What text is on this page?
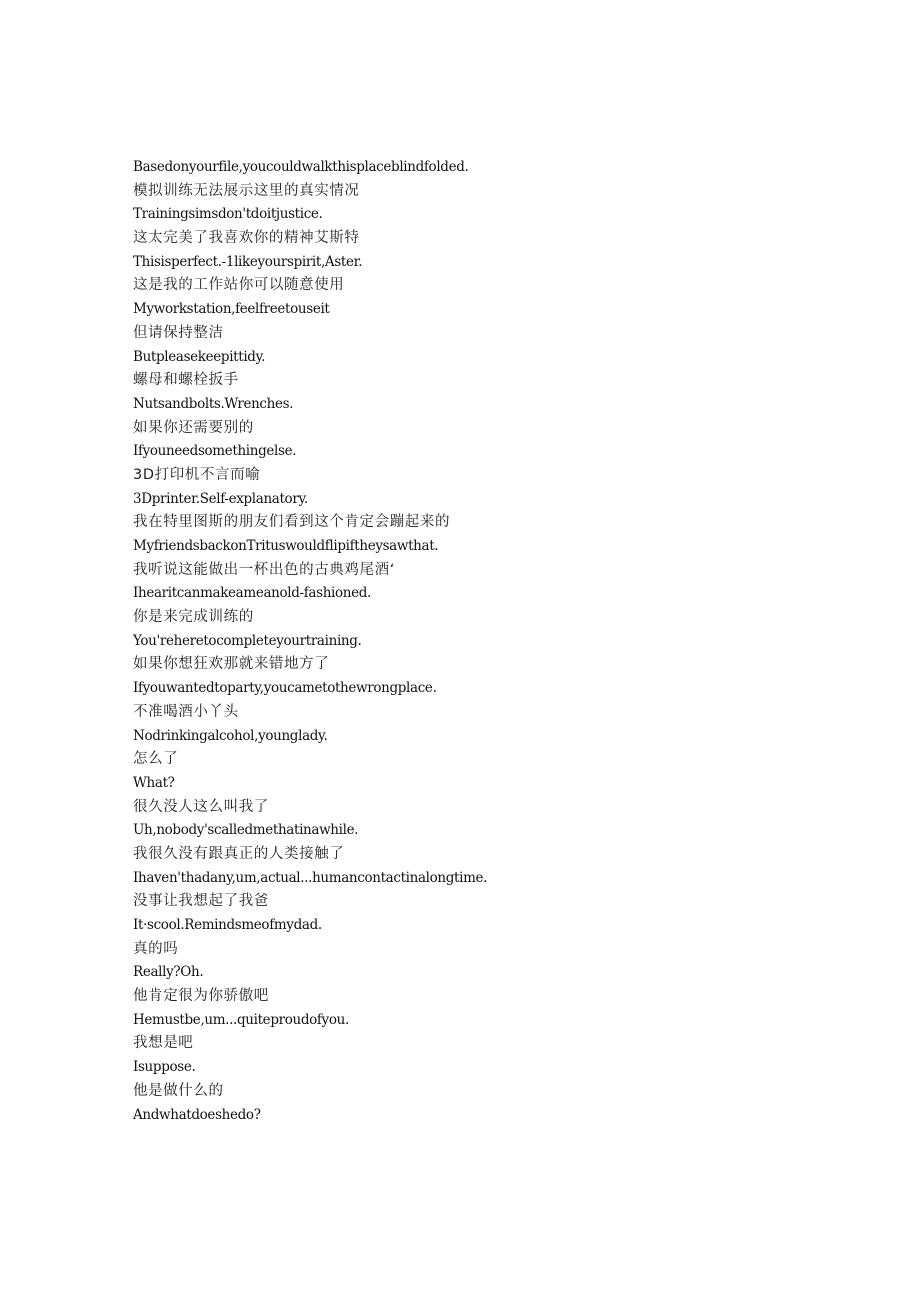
Basedonyourfile,youcouldwalkthisplaceblindfolded.
模拟训练无法展示这里的真实情况
Trainingsimsdon'tdoitjustice.
这太完美了我喜欢你的精神艾斯特
Thisisperfect.-1likeyourspirit,Aster.
这是我的工作站你可以随意使用
Myworkstation,feelfreetouseit
但请保持整洁
Butpleasekeepittidy.
螺母和螺栓扳手
Nutsandbolts.Wrenches.
如果你还需要别的
Ifyouneedsomethingelse.
3D打印机不言而喻
3Dprinter.Self-explanatory.
我在特里图斯的朋友们看到这个肯定会蹦起来的
MyfriendsbackonTrituswouldflipiftheysawthat.
我听说这能做出一杯出色的古典鸡尾酒‘
Ihearitcanmakeameanold-fashioned.
你是来完成训练的
You'reheretocompleteyourtraining.
如果你想狂欢那就来错地方了
Ifyouwantedtoparty,youcametothewrongplace.
不准喝酒小丫头
Nodrinkingalcohol,younglady.
怎么了
What?
很久没人这么叫我了
Uh,nobody'scalledmethatinawhile.
我很久没有跟真正的人类接触了
Ihaven'thadany,um,actual...humancontactinalongtime.
没事让我想起了我爸
It·scool.Remindsmeofmydad.
真的吗
Really?Oh.
他肯定很为你骄傲吧
Hemustbe,um...quiteproudofyou.
我想是吧
Isuppose.
他是做什么的
Andwhatdoeshedo?
